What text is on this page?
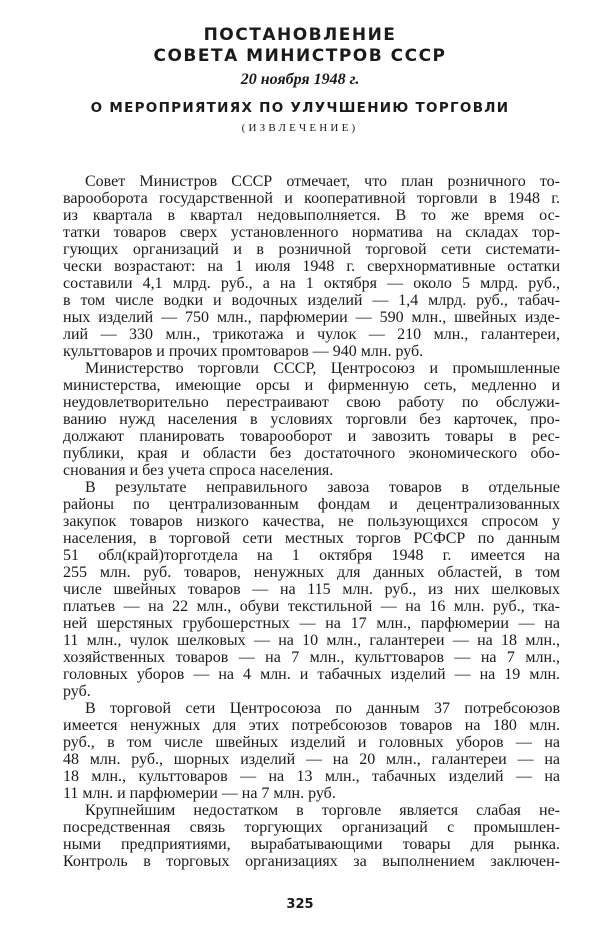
ПОСТАНОВЛЕНИЕ
СОВЕТА МИНИСТРОВ СССР
20 ноября 1948 г.
О МЕРОПРИЯТИЯХ ПО УЛУЧШЕНИЮ ТОРГОВЛИ
(ИЗВЛЕЧЕНИЕ)
Совет Министров СССР отмечает, что план розничного то-
варооборота государственной и кооперативной торговли в 1948 г.
из квартала в квартал недовыполняется. В то же время ос-
татки товаров сверх установленного норматива на складах тор-
гующих организаций и в розничной торговой сети системати-
чески возрастают: на 1 июля 1948 г. сверхнормативные остатки
составили 4,1 млрд. руб., а на 1 октября — около 5 млрд. руб.,
в том числе водки и водочных изделий — 1,4 млрд. руб., табач-
ных изделий — 750 млн., парфюмерии — 590 млн., швейных изде-
лий — 330 млн., трикотажа и чулок — 210 млн., галантереи,
культтоваров и прочих промтоваров — 940 млн. руб.
Министерство торговли СССР, Центросоюз и промышленные
министерства, имеющие орсы и фирменную сеть, медленно и
неудовлетворительно перестраивают свою работу по обслужи-
ванию нужд населения в условиях торговли без карточек, про-
должают планировать товарооборот и завозить товары в рес-
публики, края и области без достаточного экономического обо-
снования и без учета спроса населения.
В результате неправильного завоза товаров в отдельные
районы по централизованным фондам и децентрализованных
закупок товаров низкого качества, не пользующихся спросом у
населения, в торговой сети местных торгов РСФСР по данным
51 обл(край)торготдела на 1 октября 1948 г. имеется на
255 млн. руб. товаров, ненужных для данных областей, в том
числе швейных товаров — на 115 млн. руб., из них шелковых
платьев — на 22 млн., обуви текстильной — на 16 млн. руб., тка-
ней шерстяных грубошерстных — на 17 млн., парфюмерии — на
11 млн., чулок шелковых — на 10 млн., галантереи — на 18 млн.,
хозяйственных товаров — на 7 млн., культтоваров — на 7 млн.,
головных уборов — на 4 млн. и табачных изделий — на 19 млн.
руб.
В торговой сети Центросоюза по данным 37 потребсоюзов
имеется ненужных для этих потребсоюзов товаров на 180 млн.
руб., в том числе швейных изделий и головных уборов — на
48 млн. руб., шорных изделий — на 20 млн., галантереи — на
18 млн., культтоваров — на 13 млн., табачных изделий — на
11 млн. и парфюмерии — на 7 млн. руб.
Крупнейшим недостатком в торговле является слабая не-
посредственная связь торгующих организаций с промышлен-
ными предприятиями, вырабатывающими товары для рынка.
Контроль в торговых организациях за выполнением заключен-
325
